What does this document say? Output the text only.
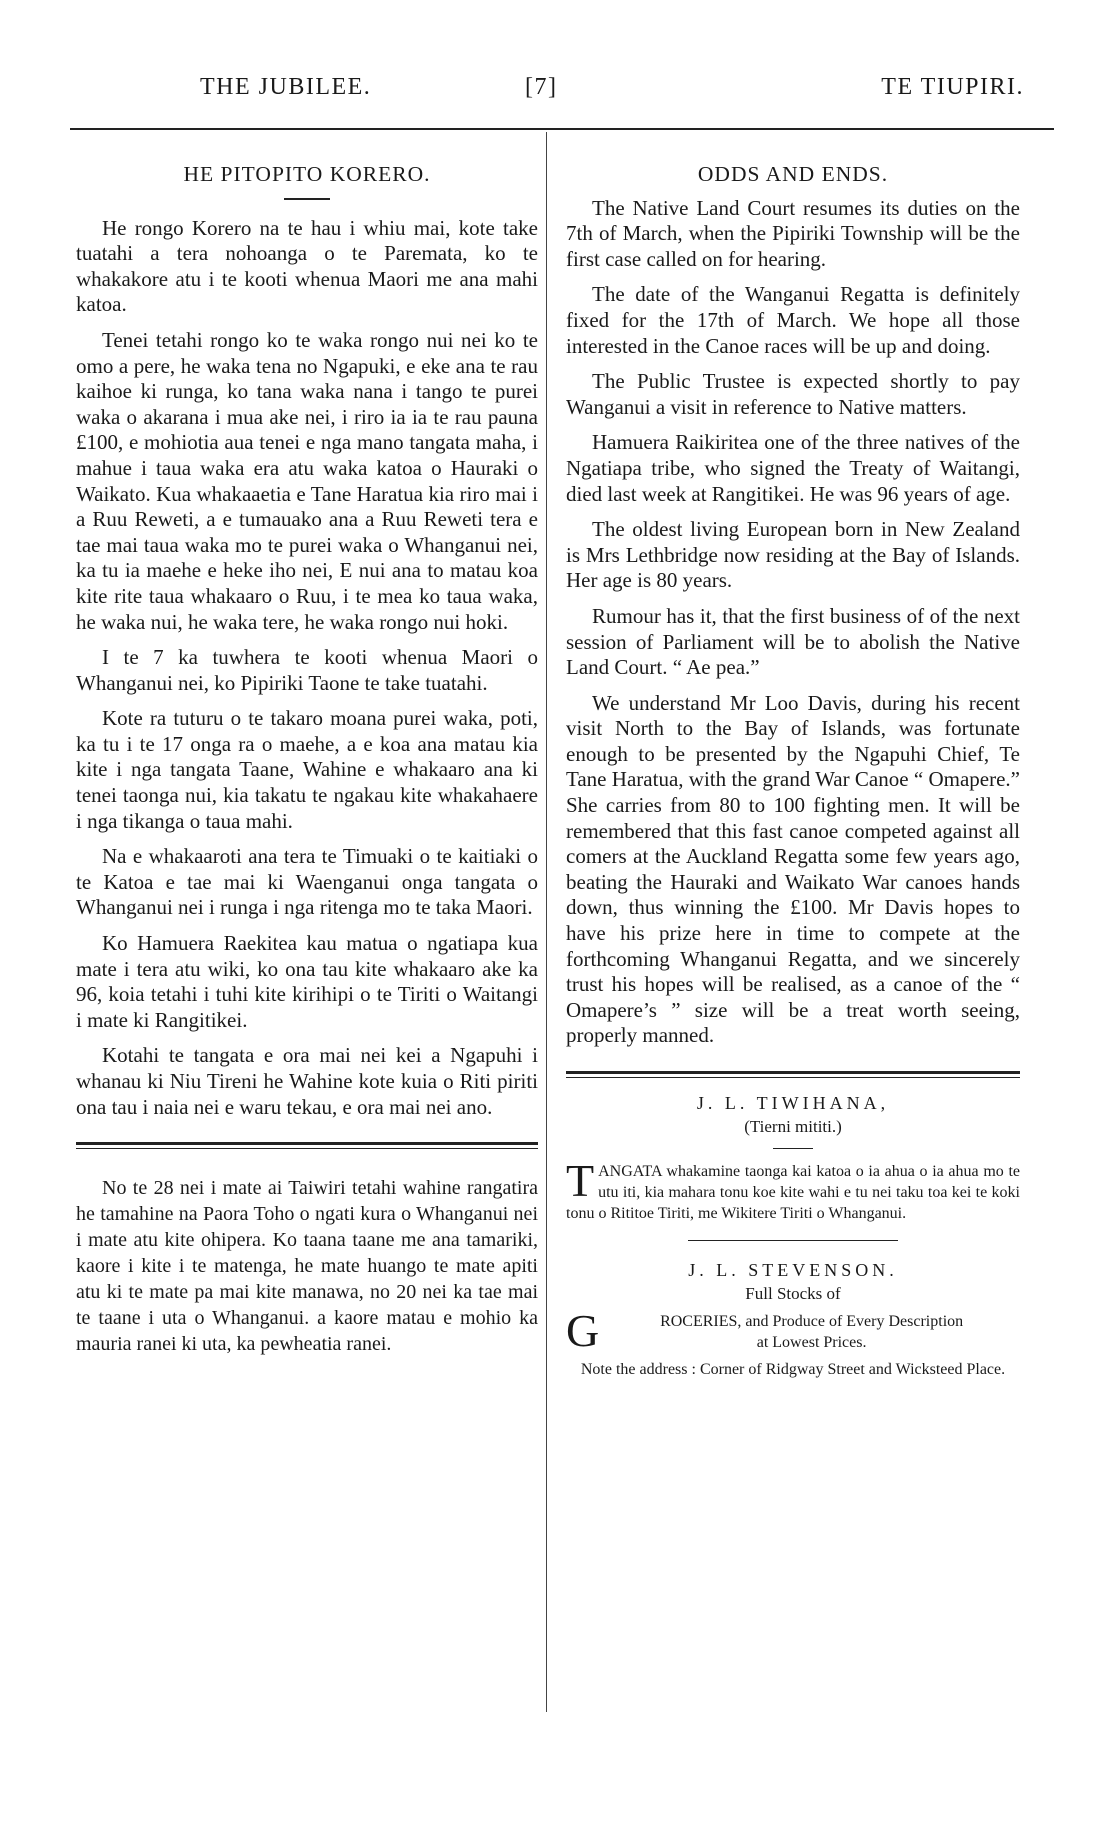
THE JUBILEE.	[7]	TE TIUPIRI.
HE PITOPITO KORERO.

He rongo Korero na te hau i whiu mai, kote take tuatahi a tera nohoanga o te Paremata, ko te whakakore atu i te kooti whenua Maori me ana mahi katoa.

Tenei tetahi rongo ko te waka rongo nui nei ko te omo a pere, he waka tena no Ngapuki, e eke ana te rau kaihoe ki runga, ko tana waka nana i tango te purei waka o akarana i mua ake nei, i riro ia ia te rau pauna £100, e mohiotia aua tenei e nga mano tangata maha, i mahue i taua waka era atu waka katoa o Hauraki o Waikato. Kua whakaaetia e Tane Haratua kia riro mai i a Ruu Reweti, a e tumauako ana a Ruu Reweti tera e tae mai taua waka mo te purei waka o Whanganui nei, ka tu ia maehe e heke iho nei, E nui ana to matau koa kite rite taua whakaaro o Ruu, i te mea ko taua waka, he waka nui, he waka tere, he waka rongo nui hoki.

I te 7 ka tuwhera te kooti whenua Maori o Whanganui nei, ko Pipiriki Taone te take tuatahi.

Kote ra tuturu o te takaro moana purei waka, poti, ka tu i te 17 onga ra o maehe, a e koa ana matau kia kite i nga tangata Taane, Wahine e whakaaro ana ki tenei taonga nui, kia takatu te ngakau kite whakahaere i nga tikanga o taua mahi.

Na e whakaaroti ana tera te Timuaki o te kaitiaki o te Katoa e tae mai ki Waenganui onga tangata o Whanganui nei i runga i nga ritenga mo te taka Maori.

Ko Hamuera Raekitea kau matua o ngatiapa kua mate i tera atu wiki, ko ona tau kite whakaaro ake ka 96, koia tetahi i tuhi kite kirihipi o te Tiriti o Waitangi i mate ki Rangitikei.

Kotahi te tangata e ora mai nei kei a Ngapuhi i whanau ki Niu Tireni he Wahine kote kuia o Riti piriti ona tau i naia nei e waru tekau, e ora mai nei ano.

No te 28 nei i mate ai Taiwiri tetahi wahine rangatira he tamahine na Paora Toho o ngati kura o Whanganui nei i mate atu kite ohipera. Ko taana taane me ana tamariki, kaore i kite i te matenga, he mate huango te mate apiti atu ki te mate pa mai kite manawa, no 20 nei ka tae mai te taane i uta o Whanganui. a kaore matau e mohio ka mauria ranei ki uta, ka pewheatia ranei.

ODDS AND ENDS.

The Native Land Court resumes its duties on the 7th of March, when the Pipiriki Township will be the first case called on for hearing.

The date of the Wanganui Regatta is definitely fixed for the 17th of March. We hope all those interested in the Canoe races will be up and doing.

The Public Trustee is expected shortly to pay Wanganui a visit in reference to Native matters.

Hamuera Raikiritea one of the three natives of the Ngatiapa tribe, who signed the Treaty of Waitangi, died last week at Rangitikei. He was 96 years of age.

The oldest living European born in New Zealand is Mrs Lethbridge now residing at the Bay of Islands. Her age is 80 years.

Rumour has it, that the first business of of the next session of Parliament will be to abolish the Native Land Court. “ Ae pea.”

We understand Mr Loo Davis, during his recent visit North to the Bay of Islands, was fortunate enough to be presented by the Ngapuhi Chief, Te Tane Haratua, with the grand War Canoe “ Omapere.” She carries from 80 to 100 fighting men. It will be remembered that this fast canoe competed against all comers at the Auckland Regatta some few years ago, beating the Hauraki and Waikato War canoes hands down, thus winning the £100. Mr Davis hopes to have his prize here in time to compete at the forthcoming Whanganui Regatta, and we sincerely trust his hopes will be realised, as a canoe of the “ Omapere’s ” size will be a treat worth seeing, properly manned.

J. L. TIWIHANA,
(Tierni mititi.)
TANGATA whakamine taonga kai katoa o ia ahua o ia ahua mo te utu iti, kia mahara tonu koe kite wahi e tu nei taku toa kei te koki tonu o Rititoe Tiriti, me Wikitere Tiriti o Whanganui.
J. L. STEVENSON.
Full Stocks of
G	ROCERIES, and Produce of Every Description
at Lowest Prices.
Note the address : Corner of Ridgway Street and Wicksteed Place.
